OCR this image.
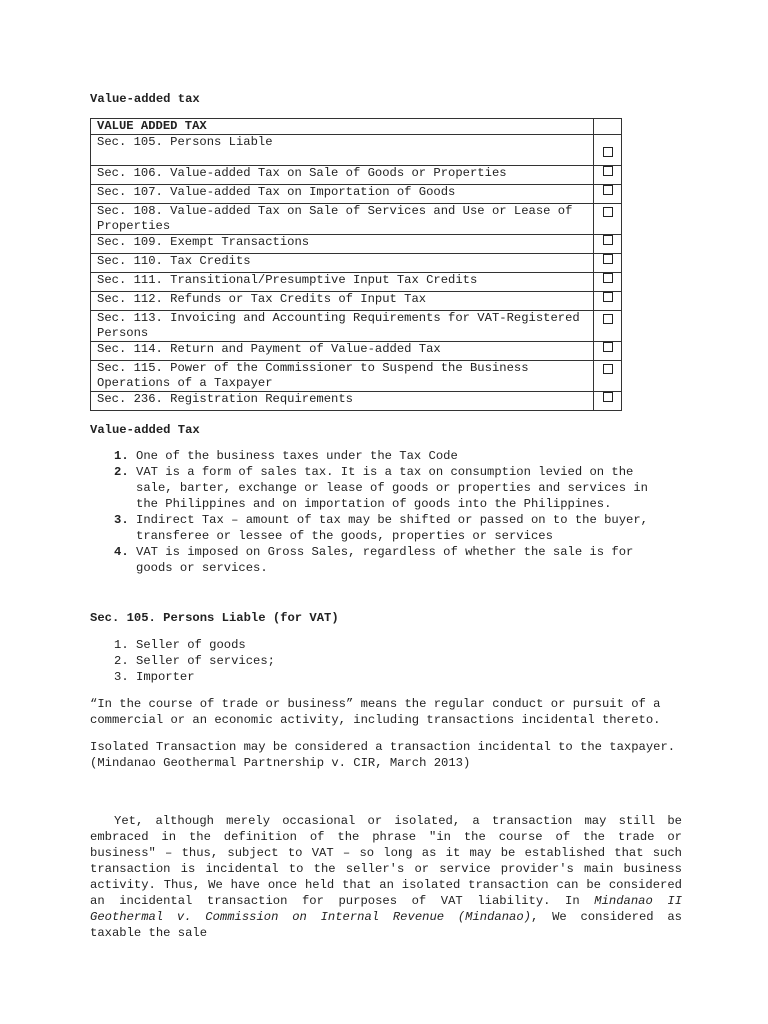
Value-added tax
VALUE ADDED TAX	
Sec. 105. Persons Liable	
Sec. 106. Value-added Tax on Sale of Goods or Properties	
Sec. 107. Value-added Tax on Importation of Goods	
Sec. 108. Value-added Tax on Sale of Services and Use or Lease of Properties	
Sec. 109. Exempt Transactions	
Sec. 110. Tax Credits	
Sec. 111. Transitional/Presumptive Input Tax Credits	
Sec. 112. Refunds or Tax Credits of Input Tax	
Sec. 113. Invoicing and Accounting Requirements for VAT-Registered Persons	
Sec. 114. Return and Payment of Value-added Tax	
Sec. 115. Power of the Commissioner to Suspend the Business Operations of a Taxpayer	
Sec. 236. Registration Requirements	
Value-added Tax
1. One of the business taxes under the Tax Code
2. VAT is a form of sales tax. It is a tax on consumption levied on the sale, barter, exchange or lease of goods or properties and services in the Philippines and on importation of goods into the Philippines.
3. Indirect Tax – amount of tax may be shifted or passed on to the buyer, transferee or lessee of the goods, properties or services
4. VAT is imposed on Gross Sales, regardless of whether the sale is for goods or services.
Sec. 105. Persons Liable (for VAT)
1. Seller of goods
2. Seller of services;
3. Importer

“In the course of trade or business” means the regular conduct or pursuit of a commercial or an economic activity, including transactions incidental thereto.

Isolated Transaction may be considered a transaction incidental to the taxpayer. (Mindanao Geothermal Partnership v. CIR, March 2013)

Yet, although merely occasional or isolated, a transaction may still be embraced in the definition of the phrase "in the course of the trade or business" – thus, subject to VAT – so long as it may be established that such transaction is incidental to the seller's or service provider's main business activity. Thus, We have once held that an isolated transaction can be considered an incidental transaction for purposes of VAT liability. In Mindanao II Geothermal v. Commission on Internal Revenue (Mindanao), We considered as taxable the sale
